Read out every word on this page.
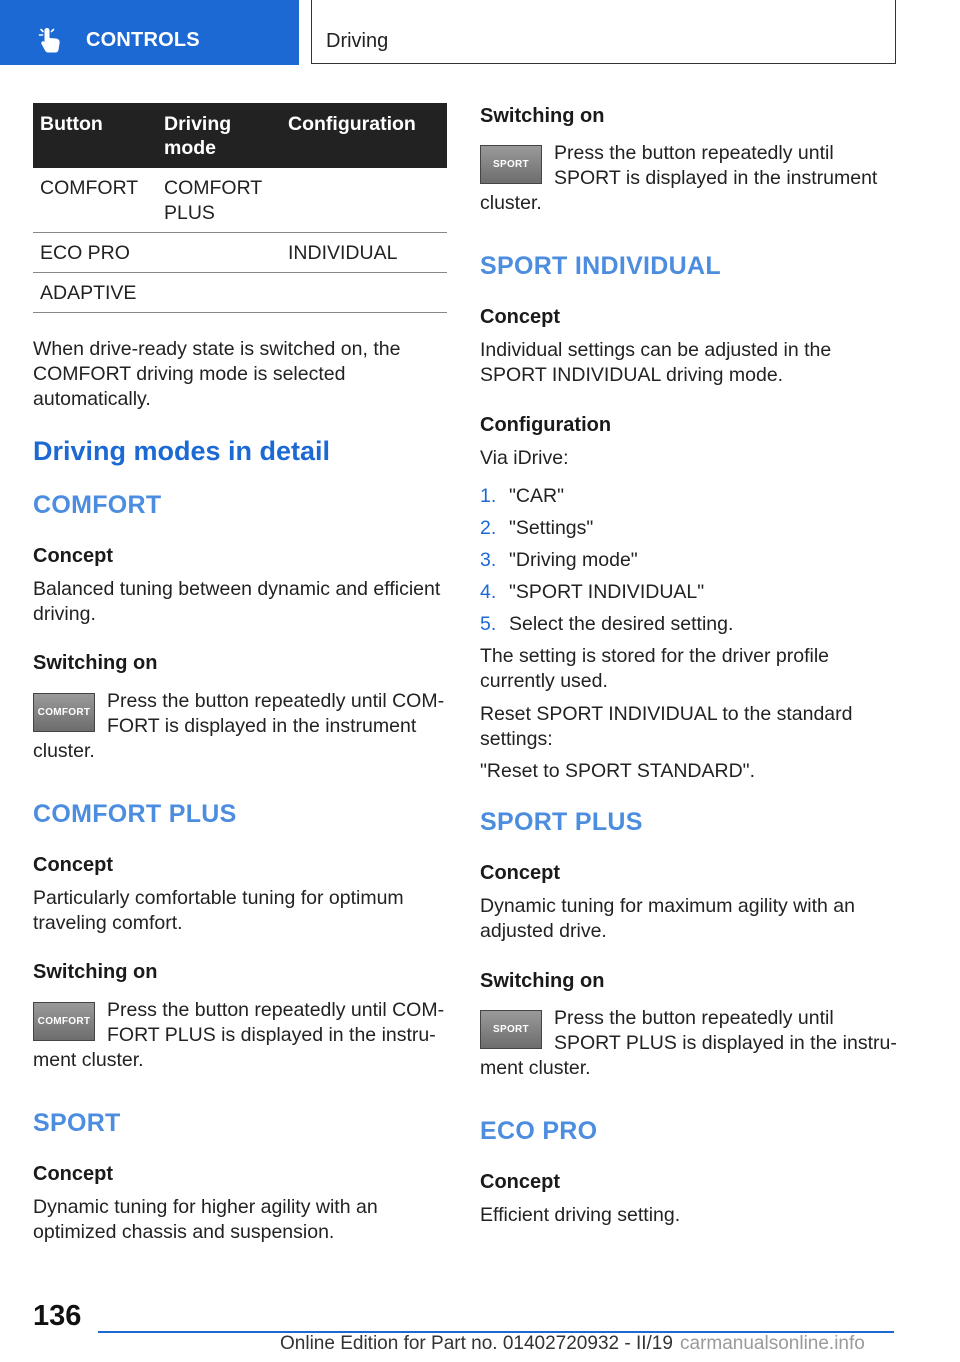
CONTROLS	Driving
Button	Driving mode	Configuration
COMFORT	COMFORT PLUS	
ECO PRO		INDIVIDUAL
ADAPTIVE		
When drive-ready state is switched on, the COMFORT driving mode is selected automatically.
Driving modes in detail
COMFORT
Concept
Balanced tuning between dynamic and efficient driving.
Switching on
COMFORT
Press the button repeatedly until COM-
FORT is displayed in the instrument
cluster.
COMFORT PLUS
Concept
Particularly comfortable tuning for optimum traveling comfort.
Switching on
COMFORT
Press the button repeatedly until COM-
FORT PLUS is displayed in the instru-
ment cluster.
SPORT
Concept
Dynamic tuning for higher agility with an optimized chassis and suspension.
Switching on
SPORT
Press the button repeatedly until
SPORT is displayed in the instrument
cluster.
SPORT INDIVIDUAL
Concept
Individual settings can be adjusted in the SPORT INDIVIDUAL driving mode.
Configuration
Via iDrive:
1. "CAR"
2. "Settings"
3. "Driving mode"
4. "SPORT INDIVIDUAL"
5. Select the desired setting.
The setting is stored for the driver profile currently used.
Reset SPORT INDIVIDUAL to the standard settings:
"Reset to SPORT STANDARD".
SPORT PLUS
Concept
Dynamic tuning for maximum agility with an adjusted drive.
Switching on
SPORT
Press the button repeatedly until
SPORT PLUS is displayed in the instru-
ment cluster.
ECO PRO
Concept
Efficient driving setting.
136
Online Edition for Part no. 01402720932 - II/19 carmanualsonline.info
